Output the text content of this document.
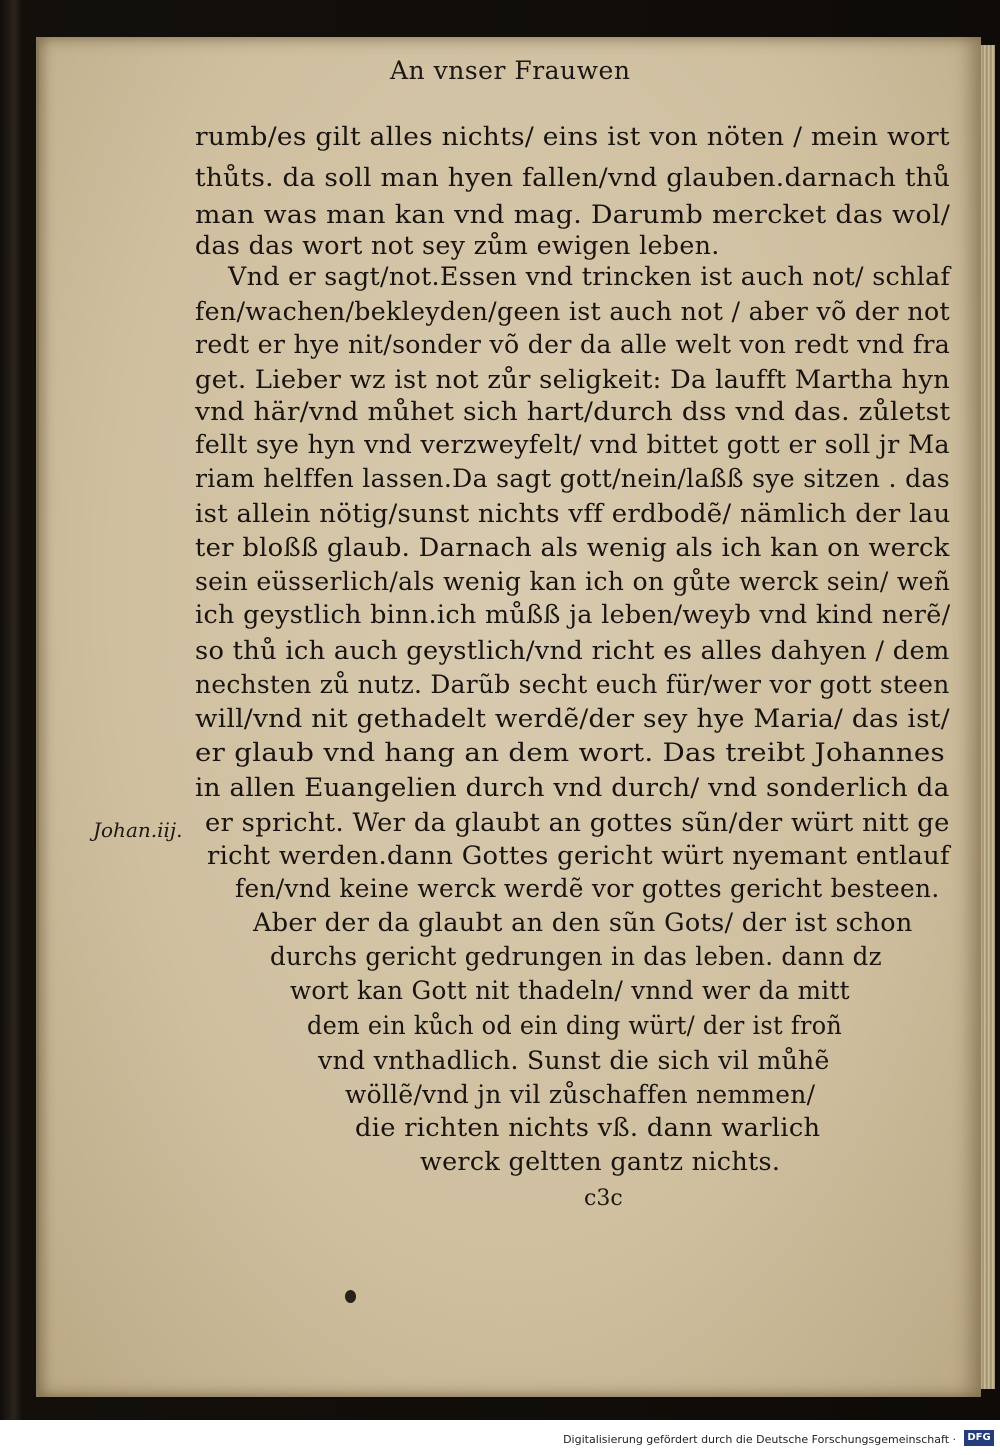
An vnser Frauwen
rumb/es gilt alles nichts/ eins ist von nöten / mein wort
thůts. da soll man hyen fallen/vnd glauben.darnach thů
man was man kan vnd mag. Darumb mercket das wol/
das das wort not sey zům ewigen leben.
Vnd er sagt/not.Essen vnd trincken ist auch not/ schlaf
fen/wachen/bekleyden/geen ist auch not / aber võ der not
redt er hye nit/sonder võ der da alle welt von redt vnd fra
get. Lieber wz ist not zůr seligkeit: Da laufft Martha hyn
vnd här/vnd můhet sich hart/durch dss vnd das. zůletst
fellt sye hyn vnd verzweyfelt/ vnd bittet gott er soll jr Ma
riam helffen lassen.Da sagt gott/nein/laßß sye sitzen . das
ist allein nötig/sunst nichts vff erdbodẽ/ nämlich der lau
ter bloßß glaub. Darnach als wenig als ich kan on werck
sein eüsserlich/als wenig kan ich on gůte werck sein/ weñ
ich geystlich binn.ich můßß ja leben/weyb vnd kind nerẽ/
so thů ich auch geystlich/vnd richt es alles dahyen / dem
nechsten zů nutz. Darũb secht euch für/wer vor gott steen
will/vnd nit gethadelt werdẽ/der sey hye Maria/ das ist/
er glaub vnd hang an dem wort. Das treibt Johannes
in allen Euangelien durch vnd durch/ vnd sonderlich da
er spricht. Wer da glaubt an gottes sũn/der würt nitt ge
richt werden.dann Gottes gericht würt nyemant entlauf
fen/vnd keine werck werdẽ vor gottes gericht besteen.
Aber der da glaubt an den sũn Gots/ der ist schon
durchs gericht gedrungen in das leben. dann dz
wort kan Gott nit thadeln/ vnnd wer da mitt
dem ein kůch od ein ding würt/ der ist froñ
vnd vnthadlich. Sunst die sich vil můhẽ
wöllẽ/vnd jn vil zůschaffen nemmen/
die richten nichts vß. dann warlich
werck geltten gantz nichts.
Johan.iij.
c3c
Digitalisierung gefördert durch die Deutsche Forschungsgemeinschaft ·	DFG
